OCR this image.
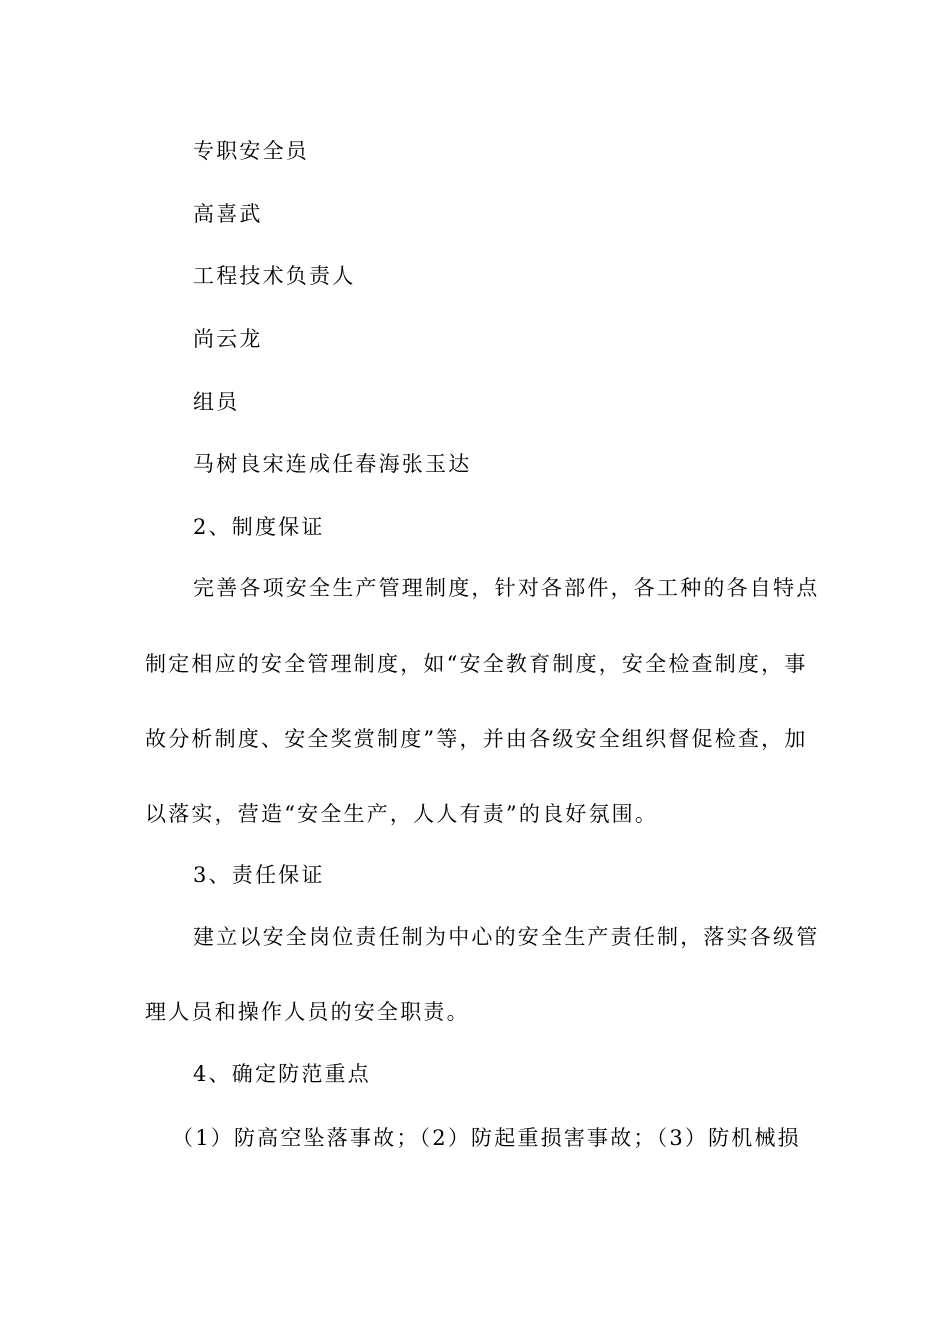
专职安全员
高喜武
工程技术负责人
尚云龙
组员
马树良宋连成任春海张玉达
2、制度保证
完善各项安全生产管理制度，针对各部件，各工种的各自特点
制定相应的安全管理制度，如“安全教育制度，安全检查制度，事
故分析制度、安全奖赏制度”等，并由各级安全组织督促检查，加
以落实，营造“安全生产，人人有责”的良好氛围。
3、责任保证
建立以安全岗位责任制为中心的安全生产责任制，落实各级管
理人员和操作人员的安全职责。
4、确定防范重点
（1）防高空坠落事故；（2）防起重损害事故；（3）防机械损
